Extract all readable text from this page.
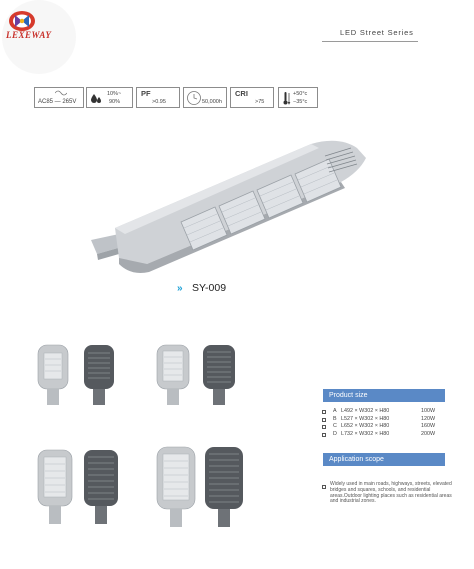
LEXEWAY	LED Street Series
AC85 — 265V
10%~
90%
PF
>0.95	50,000h
CRI
>75
+50°c
−35°c
» SY-009
Product size
A L492 × W302 × H80	100W
B L527 × W302 × H80	120W
C L652 × W302 × H80	160W
D L732 × W302 × H80	200W
Application scope
Widely used in main roads, highways, streets, elevated bridges and squares, schools, and residential areas.Outdoor lighting places such as residential areas and industrial zones.
